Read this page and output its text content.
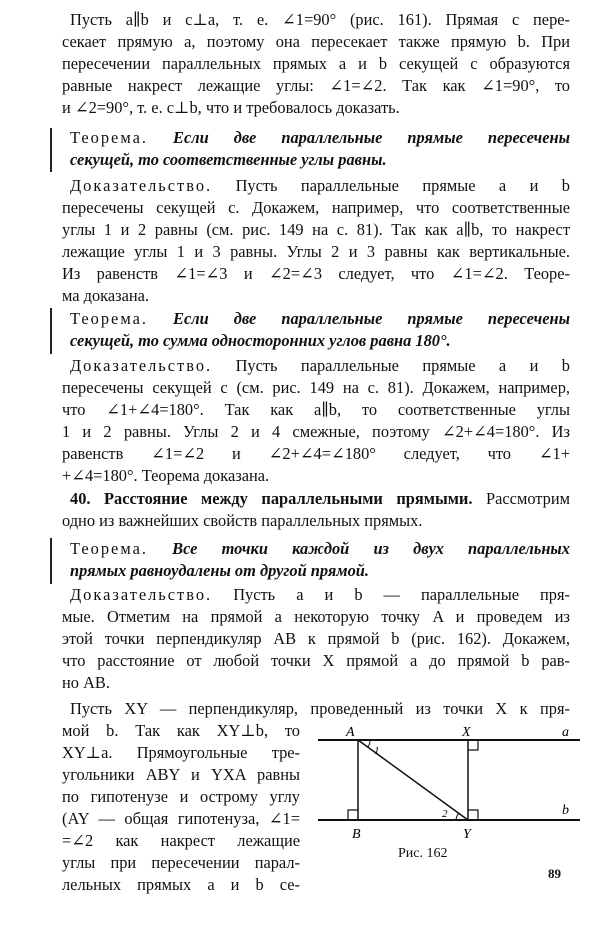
Пусть a∥b и c⊥a, т. е. ∠1=90° (рис. 161). Прямая c пере-
секает прямую a, поэтому она пересекает также прямую b. При
пересечении параллельных прямых a и b секущей c образуются
равные накрест лежащие углы: ∠1=∠2. Так как ∠1=90°, то
и ∠2=90°, т. е. c⊥b, что и требовалось доказать.
Теорема. Если две параллельные прямые пересечены
секущей, то соответственные углы равны.
Доказательство. Пусть параллельные прямые a и b
пересечены секущей c. Докажем, например, что соответственные
углы 1 и 2 равны (см. рис. 149 на с. 81). Так как a∥b, то накрест
лежащие углы 1 и 3 равны. Углы 2 и 3 равны как вертикальные.
Из равенств ∠1=∠3 и ∠2=∠3 следует, что ∠1=∠2. Теоре-
ма доказана.
Теорема. Если две параллельные прямые пересечены
секущей, то сумма односторонних углов равна 180°.
Доказательство. Пусть параллельные прямые a и b
пересечены секущей c (см. рис. 149 на с. 81). Докажем, например,
что ∠1+∠4=180°. Так как a∥b, то соответственные углы
1 и 2 равны. Углы 2 и 4 смежные, поэтому ∠2+∠4=180°. Из
равенств ∠1=∠2 и ∠2+∠4=∠180° следует, что ∠1+
+∠4=180°. Теорема доказана.
40. Расстояние между параллельными прямыми. Рассмотрим
одно из важнейших свойств параллельных прямых.
Теорема. Все точки каждой из двух параллельных
прямых равноудалены от другой прямой.
Доказательство. Пусть a и b — параллельные пря-
мые. Отметим на прямой a некоторую точку A и проведем из
этой точки перпендикуляр AB к прямой b (рис. 162). Докажем,
что расстояние от любой точки X прямой a до прямой b рав-
но AB.
Пусть XY — перпендикуляр, проведенный из точки X к пря-
мой b. Так как XY⊥b, то
XY⊥a. Прямоугольные тре-
угольники ABY и YXA равны
по гипотенузе и острому углу
(AY — общая гипотенуза, ∠1=
=∠2 как накрест лежащие
углы при пересечении парал-
лельных прямых a и b се-
A	X	a
b
B	Y
1
2
Рис. 162
89
